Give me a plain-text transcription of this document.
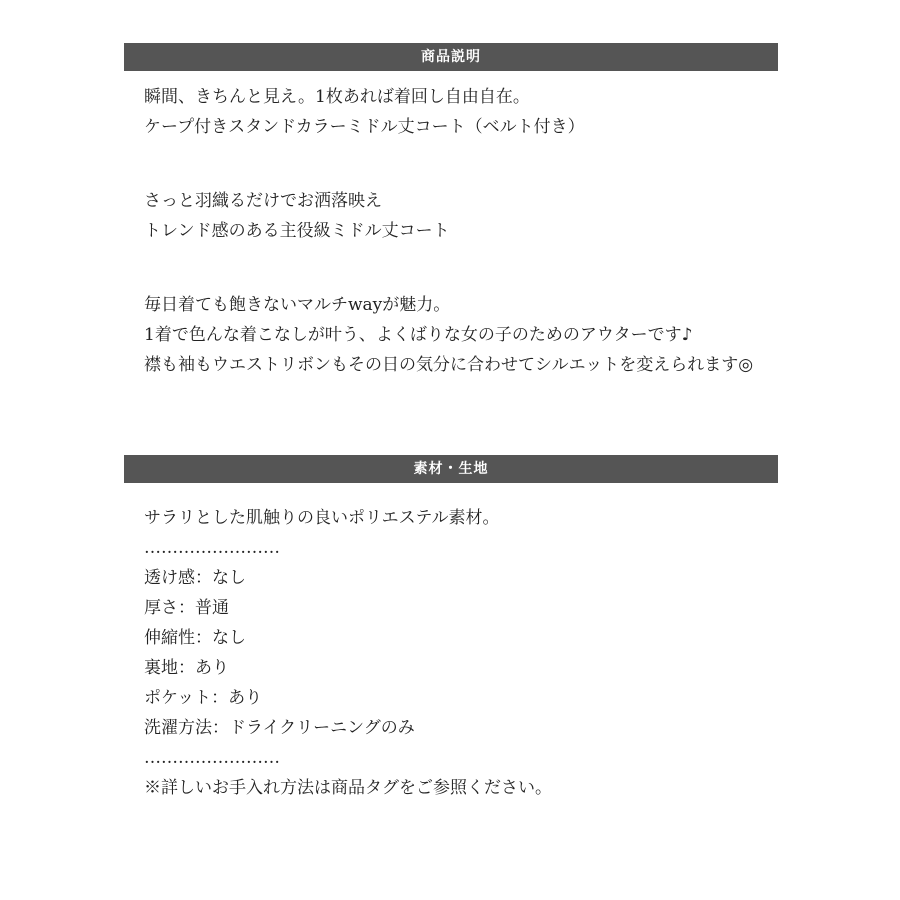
商品説明
瞬間、きちんと見え。1枚あれば着回し自由自在。
ケープ付きスタンドカラーミドル丈コート（ベルト付き）
さっと羽織るだけでお洒落映え
トレンド感のある主役級ミドル丈コート
毎日着ても飽きないマルチwayが魅力。
1着で色んな着こなしが叶う、よくばりな女の子のためのアウターです♪
襟も袖もウエストリボンもその日の気分に合わせてシルエットを変えられます◎
素材・生地
サラリとした肌触りの良いポリエステル素材。
……………………
透け感：なし
厚さ：普通
伸縮性：なし
裏地：あり
ポケット：あり
洗濯方法：ドライクリーニングのみ
……………………
※詳しいお手入れ方法は商品タグをご参照ください。
